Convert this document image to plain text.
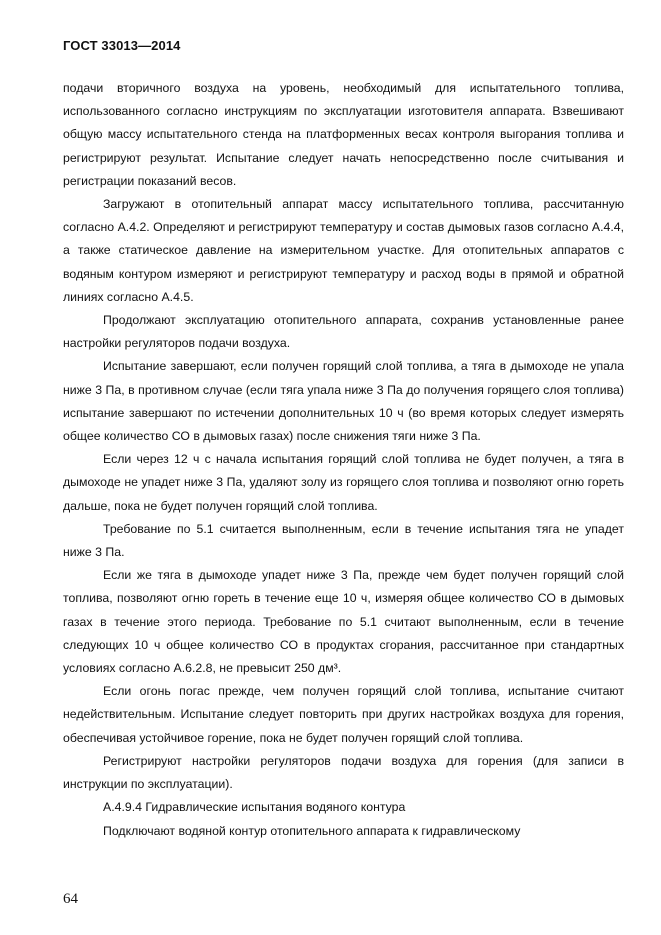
ГОСТ 33013—2014

подачи вторичного воздуха на уровень, необходимый для испытательного топлива, использованного согласно инструкциям по эксплуатации изготовителя аппарата. Взвешивают общую массу испытательного стенда на платформенных весах контроля выгорания топлива и регистрируют результат. Испытание следует начать непосредственно после считывания и регистрации показаний весов.

Загружают в отопительный аппарат массу испытательного топлива, рассчитанную согласно А.4.2. Определяют и регистрируют температуру и состав дымовых газов согласно А.4.4, а также статическое давление на измерительном участке. Для отопительных аппаратов с водяным контуром измеряют и регистрируют температуру и расход воды в прямой и обратной линиях согласно А.4.5.

Продолжают эксплуатацию отопительного аппарата, сохранив установленные ранее настройки регуляторов подачи воздуха.

Испытание завершают, если получен горящий слой топлива, а тяга в дымоходе не упала ниже 3 Па, в противном случае (если тяга упала ниже 3 Па до получения горящего слоя топлива) испытание завершают по истечении дополнительных 10 ч (во время которых следует измерять общее количество СО в дымовых газах) после снижения тяги ниже 3 Па.

Если через 12 ч с начала испытания горящий слой топлива не будет получен, а тяга в дымоходе не упадет ниже 3 Па, удаляют золу из горящего слоя топлива и позволяют огню гореть дальше, пока не будет получен горящий слой топлива.

Требование по 5.1 считается выполненным, если в течение испытания тяга не упадет ниже 3 Па.

Если же тяга в дымоходе упадет ниже 3 Па, прежде чем будет получен горящий слой топлива, позволяют огню гореть в течение еще 10 ч, измеряя общее количество СО в дымовых газах в течение этого периода. Требование по 5.1 считают выполненным, если в течение следующих 10 ч общее количество СО в продуктах сгорания, рассчитанное при стандартных условиях согласно А.6.2.8, не превысит 250 дм³.

Если огонь погас прежде, чем получен горящий слой топлива, испытание считают недействительным. Испытание следует повторить при других настройках воздуха для горения, обеспечивая устойчивое горение, пока не будет получен горящий слой топлива.

Регистрируют настройки регуляторов подачи воздуха для горения (для записи в инструкции по эксплуатации).

А.4.9.4 Гидравлические испытания водяного контура

Подключают водяной контур отопительного аппарата к гидравлическому

64
